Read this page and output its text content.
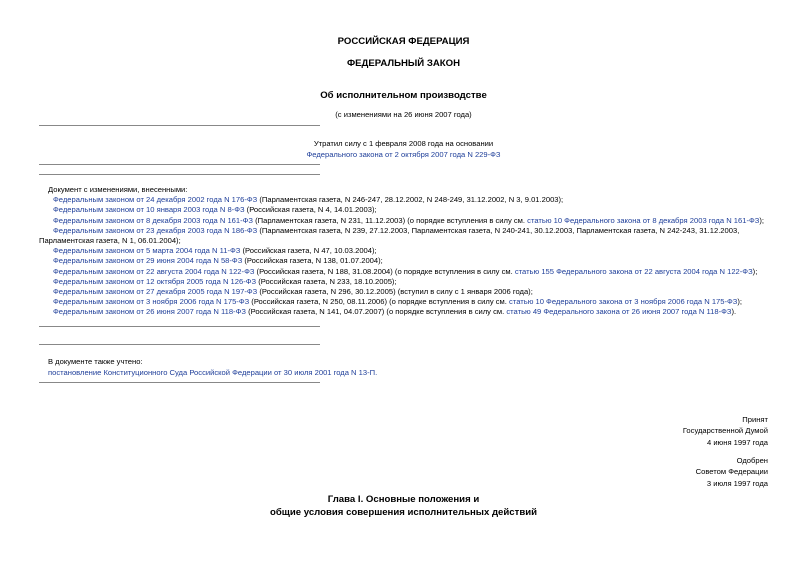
РОССИЙСКАЯ ФЕДЕРАЦИЯ
ФЕДЕРАЛЬНЫЙ ЗАКОН
Об исполнительном производстве
(с изменениями на 26 июня 2007 года)
Утратил силу с 1 февраля 2008 года на основании
Федерального закона от 2 октября 2007 года N 229-ФЗ
Документ с изменениями, внесенными:
Федеральным законом от 24 декабря 2002 года N 176-ФЗ (Парламентская газета, N 246-247, 28.12.2002, N 248-249, 31.12.2002, N 3, 9.01.2003);
Федеральным законом от 10 января 2003 года N 8-ФЗ (Российская газета, N 4, 14.01.2003);
Федеральным законом от 8 декабря 2003 года N 161-ФЗ (Парламентская газета, N 231, 11.12.2003) (о порядке вступления в силу см. статью 10 Федерального закона от 8 декабря 2003 года N 161-ФЗ);
Федеральным законом от 23 декабря 2003 года N 186-ФЗ (Парламентская газета, N 239, 27.12.2003, Парламентская газета, N 240-241, 30.12.2003, Парламентская газета, N 242-243, 31.12.2003, Парламентская газета, N 1, 06.01.2004);
Федеральным законом от 5 марта 2004 года N 11-ФЗ (Российская газета, N 47, 10.03.2004);
Федеральным законом от 29 июня 2004 года N 58-ФЗ (Российская газета, N 138, 01.07.2004);
Федеральным законом от 22 августа 2004 года N 122-ФЗ (Российская газета, N 188, 31.08.2004) (о порядке вступления в силу см. статью 155 Федерального закона от 22 августа 2004 года N 122-ФЗ);
Федеральным законом от 12 октября 2005 года N 126-ФЗ (Российская газета, N 233, 18.10.2005);
Федеральным законом от 27 декабря 2005 года N 197-ФЗ (Российская газета, N 296, 30.12.2005) (вступил в силу с 1 января 2006 года);
Федеральным законом от 3 ноября 2006 года N 175-ФЗ (Российская газета, N 250, 08.11.2006) (о порядке вступления в силу см. статью 10 Федерального закона от 3 ноября 2006 года N 175-ФЗ);
Федеральным законом от 26 июня 2007 года N 118-ФЗ (Российская газета, N 141, 04.07.2007) (о порядке вступления в силу см. статью 49 Федерального закона от 26 июня 2007 года N 118-ФЗ).
В документе также учтено:
постановление Конституционного Суда Российской Федерации от 30 июля 2001 года N 13-П.
Принят
Государственной Думой
4 июня 1997 года
Одобрен
Советом Федерации
3 июля 1997 года
Глава I. Основные положения и
общие условия совершения исполнительных действий
